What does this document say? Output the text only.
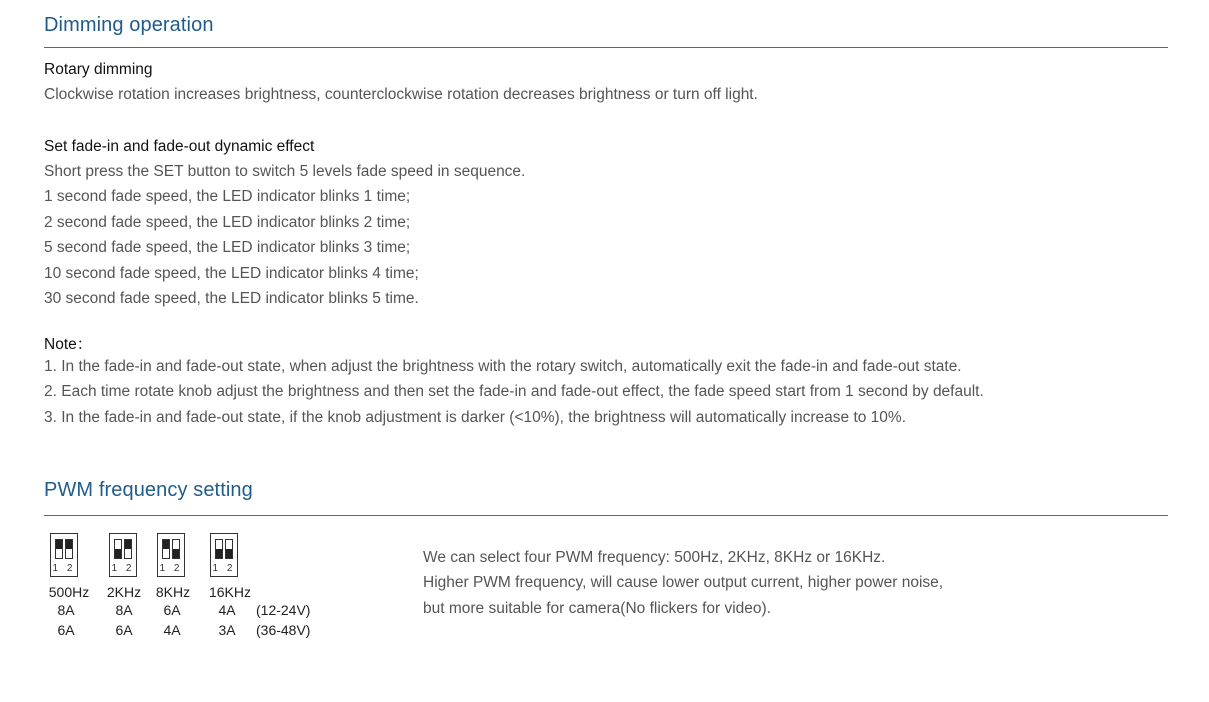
Dimming operation
Rotary dimming
Clockwise rotation increases brightness, counterclockwise rotation decreases brightness or turn off light.
Set fade-in and fade-out dynamic effect
Short press the SET button to switch 5 levels fade speed in sequence.
1 second fade speed, the LED indicator blinks 1 time;
2 second fade speed, the LED indicator blinks 2 time;
5 second fade speed, the LED indicator blinks 3 time;
10 second fade speed, the LED indicator blinks 4 time;
30 second fade speed, the LED indicator blinks 5 time.
Note：
1. In the fade-in and fade-out state, when adjust the brightness with the rotary switch, automatically exit the fade-in and fade-out state.
2. Each time rotate knob adjust the brightness and then set the fade-in and fade-out effect, the fade speed start from 1 second by default.
3. In the fade-in and fade-out state, if the knob adjustment is darker (<10%), the brightness will automatically increase to 10%.
PWM frequency setting
1 2	1 2	1 2	1 2
500Hz 2KHz 8KHz 16KHz
8A	8A	6A	4A	(12-24V)
6A	6A	4A	3A	(36-48V)
We can select four PWM frequency: 500Hz, 2KHz, 8KHz or 16KHz.
Higher PWM frequency, will cause lower output current, higher power noise,
but more suitable for camera(No flickers for video).
